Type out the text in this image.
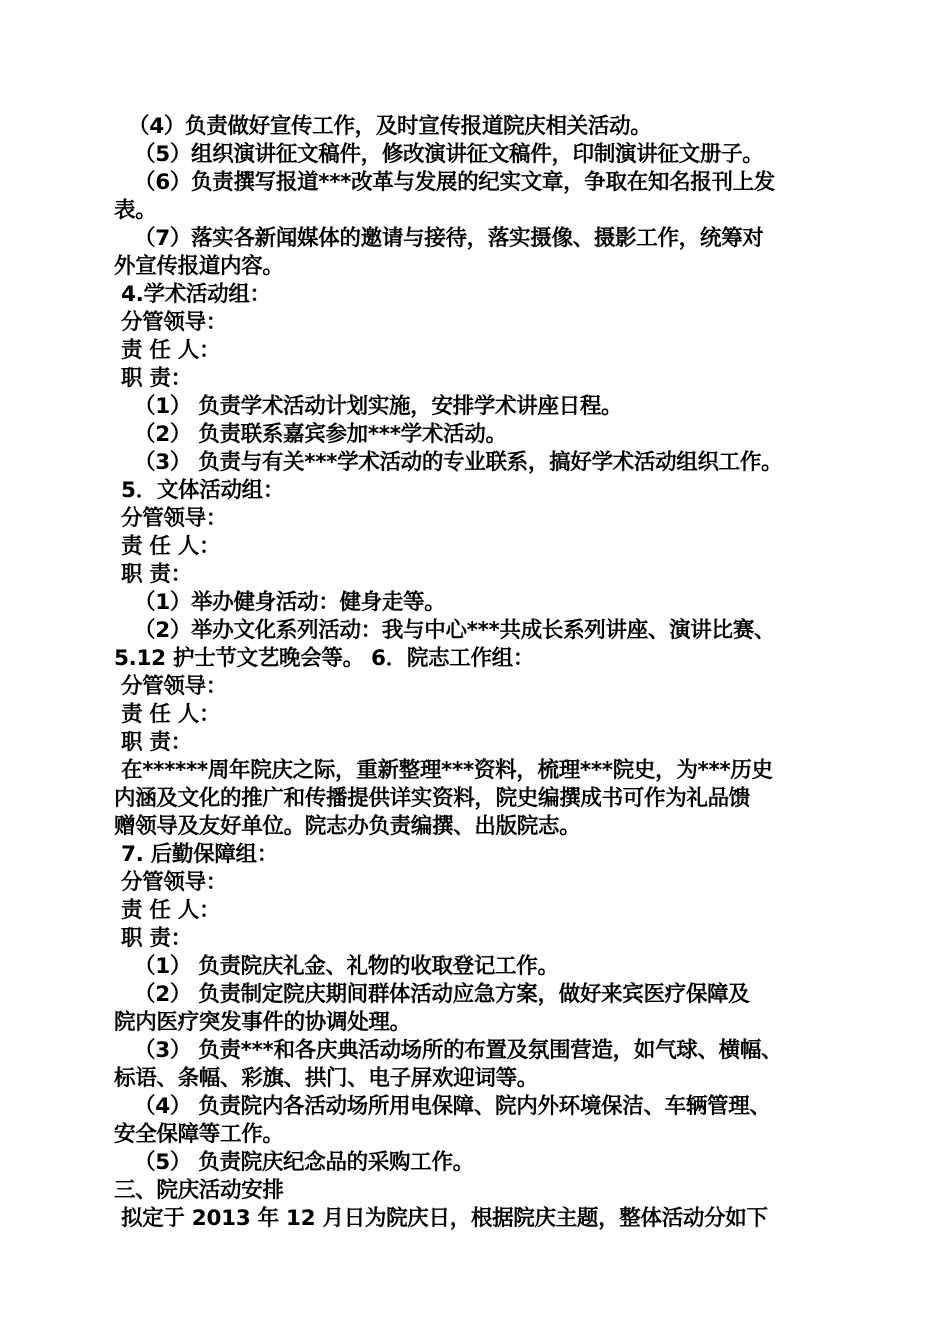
（4）负责做好宣传工作，及时宣传报道院庆相关活动。
（5）组织演讲征文稿件，修改演讲征文稿件，印制演讲征文册子。
（6）负责撰写报道***改革与发展的纪实文章，争取在知名报刊上发
表。
（7）落实各新闻媒体的邀请与接待，落实摄像、摄影工作，统筹对
外宣传报道内容。
4.学术活动组：
分管领导：
责 任 人：
职 责：
（1） 负责学术活动计划实施，安排学术讲座日程。
（2） 负责联系嘉宾参加***学术活动。
（3） 负责与有关***学术活动的专业联系，搞好学术活动组织工作。
5．文体活动组：
分管领导：
责 任 人：
职 责：
（1）举办健身活动：健身走等。
（2）举办文化系列活动：我与中心***共成长系列讲座、演讲比赛、
5.12 护士节文艺晚会等。 6．院志工作组：
分管领导：
责 任 人：
职 责：
在******周年院庆之际，重新整理***资料，梳理***院史，为***历史
内涵及文化的推广和传播提供详实资料，院史编撰成书可作为礼品馈
赠领导及友好单位。院志办负责编撰、出版院志。
7. 后勤保障组：
分管领导：
责 任 人：
职 责：
（1） 负责院庆礼金、礼物的收取登记工作。
（2） 负责制定院庆期间群体活动应急方案，做好来宾医疗保障及
院内医疗突发事件的协调处理。
（3） 负责***和各庆典活动场所的布置及氛围营造，如气球、横幅、
标语、条幅、彩旗、拱门、电子屏欢迎词等。
（4） 负责院内各活动场所用电保障、院内外环境保洁、车辆管理、
安全保障等工作。
（5） 负责院庆纪念品的采购工作。
三、院庆活动安排
拟定于 2013 年 12 月日为院庆日，根据院庆主题，整体活动分如下
